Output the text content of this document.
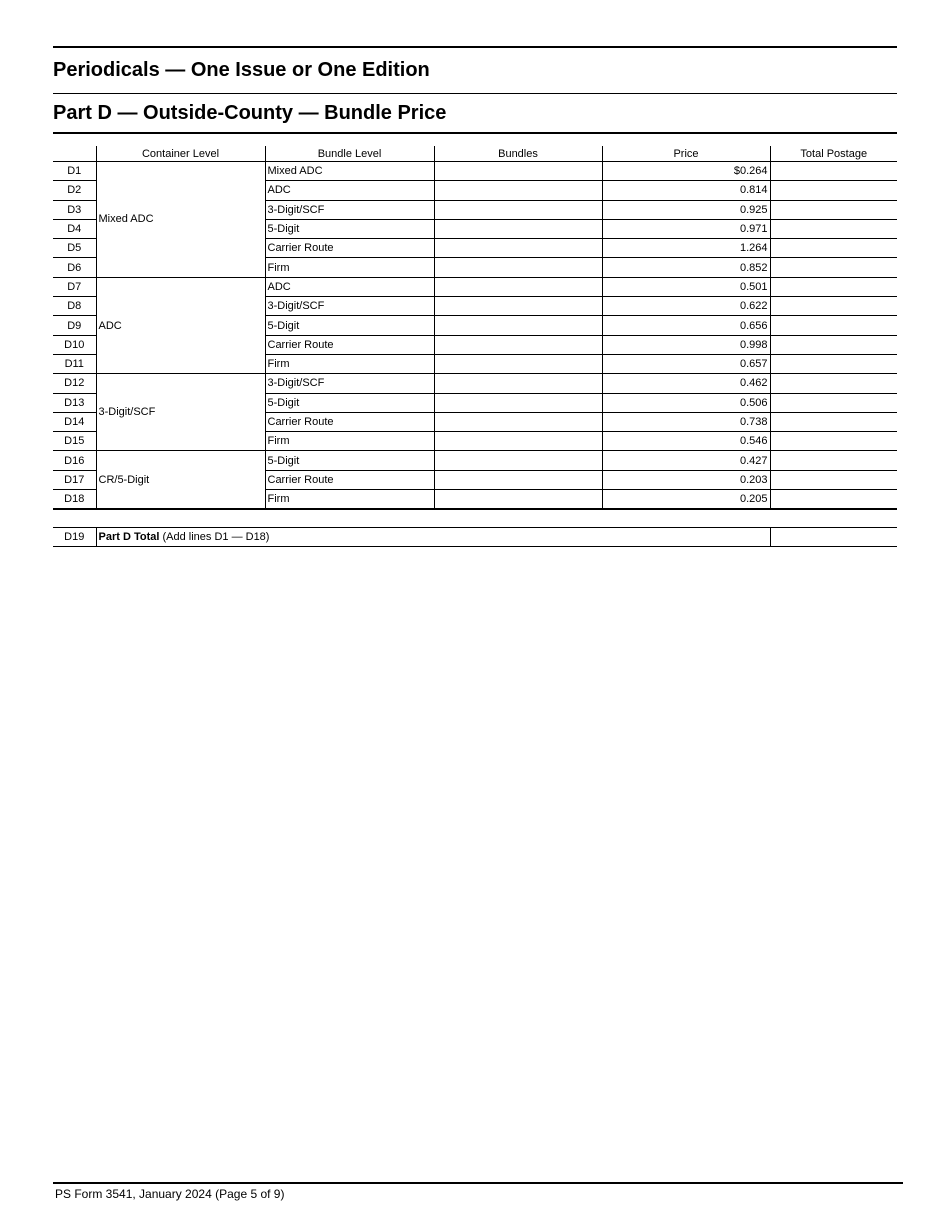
Periodicals — One Issue or One Edition
Part D — Outside-County — Bundle Price
	Container Level	Bundle Level	Bundles	Price	Total Postage
D1	Mixed ADC	Mixed ADC		$0.264	
D2		ADC		0.814	
D3		3-Digit/SCF		0.925	
D4		5-Digit		0.971	
D5		Carrier Route		1.264	
D6		Firm		0.852	
D7	ADC	ADC		0.501	
D8		3-Digit/SCF		0.622	
D9		5-Digit		0.656	
D10		Carrier Route		0.998	
D11		Firm		0.657	
D12	3-Digit/SCF	3-Digit/SCF		0.462	
D13		5-Digit		0.506	
D14		Carrier Route		0.738	
D15		Firm		0.546	
D16	CR/5-Digit	5-Digit		0.427	
D17		Carrier Route		0.203	
D18		Firm		0.205	
D19	Part D Total (Add lines D1 — D18)	
PS Form 3541, January 2024 (Page 5 of 9)
